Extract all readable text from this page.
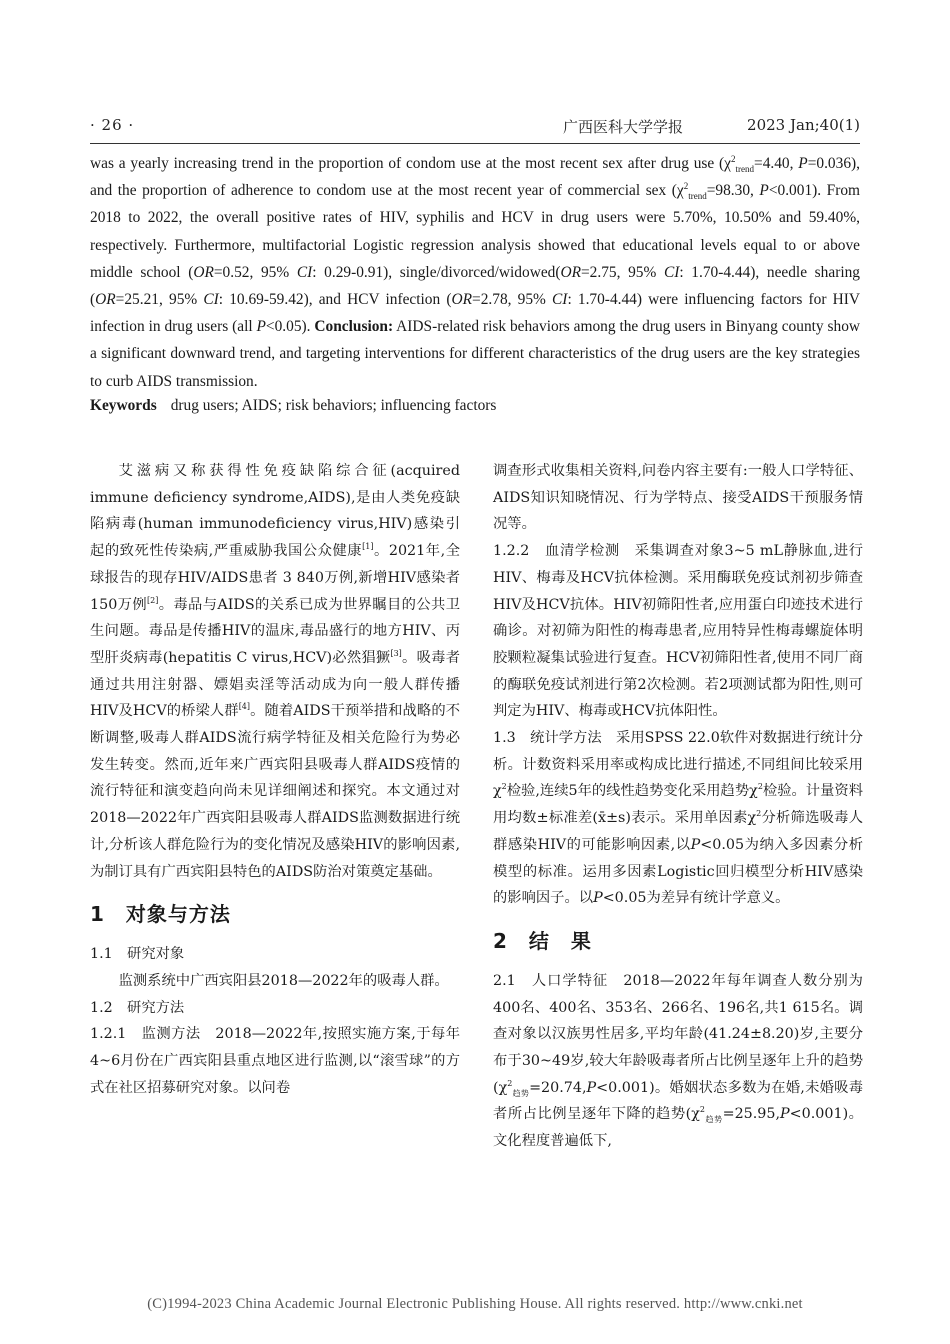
· 26 ·	广西医科大学学报	2023 Jan;40(1)

was a yearly increasing trend in the proportion of condom use at the most recent sex after drug use ($\chi^2_{trend}=4.40$, P=0.036), and the proportion of adherence to condom use at the most recent year of commercial sex ($\chi^2_{trend}=98.30$, P<0.001). From 2018 to 2022, the overall positive rates of HIV, syphilis and HCV in drug users were 5.70%, 10.50% and 59.40%, respectively. Furthermore, multifactorial Logistic regression analysis showed that educational levels equal to or above middle school (OR=0.52, 95% CI: 0.29-0.91), single/divorced/widowed(OR=2.75, 95% CI: 1.70-4.44), needle sharing (OR=25.21, 95% CI: 10.69-59.42), and HCV infection (OR=2.78, 95% CI: 1.70-4.44) were influencing factors for HIV infection in drug users (all P<0.05). Conclusion: AIDS-related risk behaviors among the drug users in Binyang county show a significant downward trend, and targeting interventions for different characteristics of the drug users are the key strategies to curb AIDS transmission.

Keywords drug users; AIDS; risk behaviors; influencing factors

艾滋病又称获得性免疫缺陷综合征(acquired immune deficiency syndrome,AIDS),是由人类免疫缺陷病毒(human immunodeficiency virus,HIV)感染引起的致死性传染病,严重威胁我国公众健康[1]。2021年,全球报告的现存HIV/AIDS患者 3 840万例,新增HIV感染者150万例[2]。毒品与AIDS的关系已成为世界瞩目的公共卫生问题。毒品是传播HIV的温床,毒品盛行的地方HIV、丙型肝炎病毒(hepatitis C virus,HCV)必然猖獗[3]。吸毒者通过共用注射器、嫖娼卖淫等活动成为向一般人群传播HIV及HCV的桥梁人群[4]。随着AIDS干预举措和战略的不断调整,吸毒人群AIDS流行病学特征及相关危险行为势必发生转变。然而,近年来广西宾阳县吸毒人群AIDS疫情的流行特征和演变趋向尚未见详细阐述和探究。本文通过对2018—2022年广西宾阳县吸毒人群AIDS监测数据进行统计,分析该人群危险行为的变化情况及感染HIV的影响因素,为制订具有广西宾阳县特色的AIDS防治对策奠定基础。

1　对象与方法

1.1　研究对象

监测系统中广西宾阳县2018—2022年的吸毒人群。

1.2　研究方法

1.2.1　监测方法　2018—2022年,按照实施方案,于每年4~6月份在广西宾阳县重点地区进行监测,以“滚雪球”的方式在社区招募研究对象。以问卷

调查形式收集相关资料,问卷内容主要有:一般人口学特征、AIDS知识知晓情况、行为学特点、接受AIDS干预服务情况等。

1.2.2　血清学检测　采集调查对象3~5 mL静脉血,进行HIV、梅毒及HCV抗体检测。采用酶联免疫试剂初步筛查HIV及HCV抗体。HIV初筛阳性者,应用蛋白印迹技术进行确诊。对初筛为阳性的梅毒患者,应用特异性梅毒螺旋体明胶颗粒凝集试验进行复查。HCV初筛阳性者,使用不同厂商的酶联免疫试剂进行第2次检测。若2项测试都为阳性,则可判定为HIV、梅毒或HCV抗体阳性。

1.3　统计学方法　采用SPSS 22.0软件对数据进行统计分析。计数资料采用率或构成比进行描述,不同组间比较采用$\chi^2$检验,连续5年的线性趋势变化采用趋势$\chi^2$检验。计量资料用均数±标准差(x̄±s)表示。采用单因素$\chi^2$分析筛选吸毒人群感染HIV的可能影响因素,以P<0.05为纳入多因素分析模型的标准。运用多因素Logistic回归模型分析HIV感染的影响因子。以P<0.05为差异有统计学意义。

2　结　果

2.1　人口学特征　2018—2022年每年调查人数分别为400名、400名、353名、266名、196名,共1 615名。调查对象以汉族男性居多,平均年龄(41.24±8.20)岁,主要分布于30~49岁,较大年龄吸毒者所占比例呈逐年上升的趋势$(\chi^2_{趋势}=20.74,P<0.001)$。婚姻状态多数为在婚,未婚吸毒者所占比例呈逐年下降的趋势$(\chi^2_{趋势}=25.95,P<0.001)$。文化程度普遍低下,

(C)1994-2023 China Academic Journal Electronic Publishing House. All rights reserved. http://www.cnki.net
